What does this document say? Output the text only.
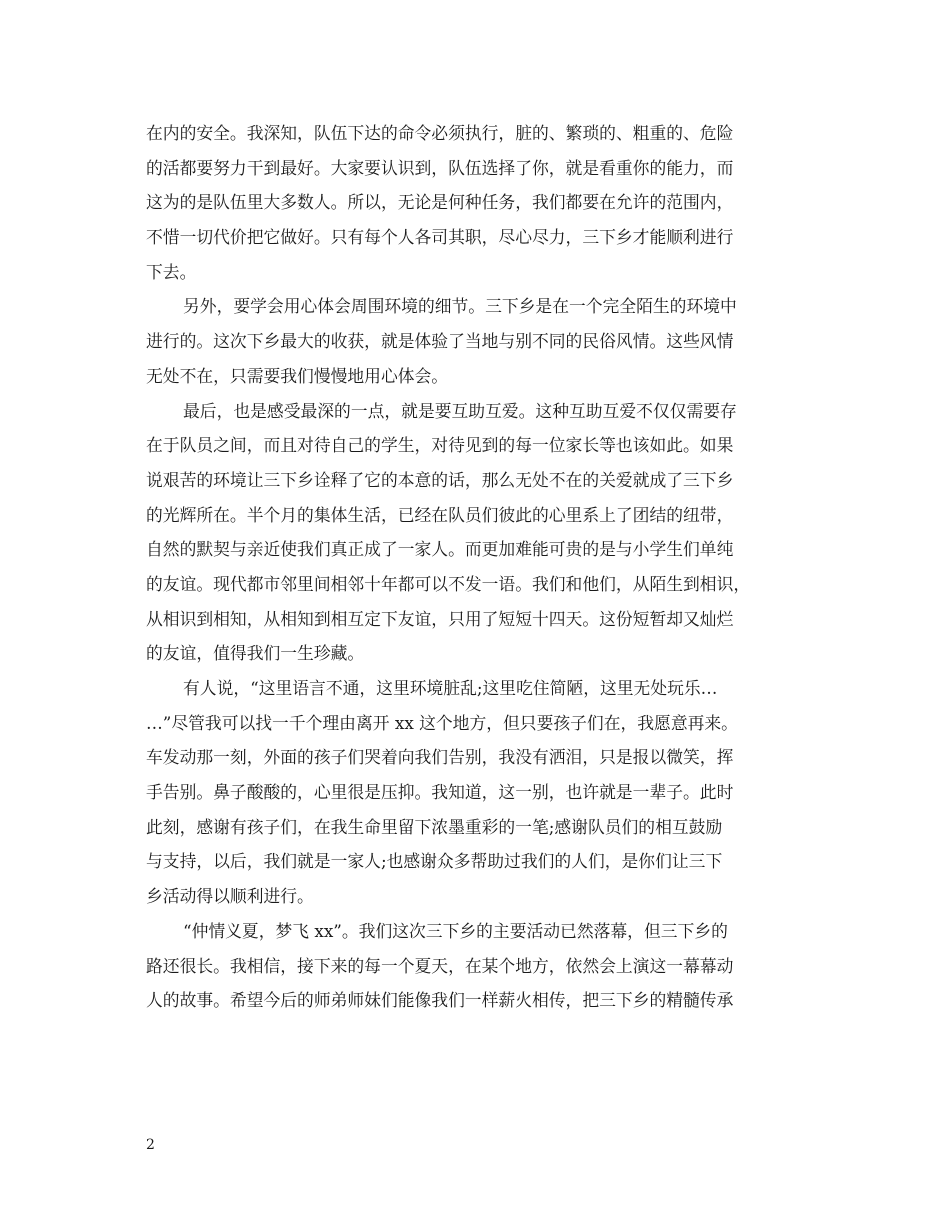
在内的安全。我深知，队伍下达的命令必须执行，脏的、繁琐的、粗重的、危险
的活都要努力干到最好。大家要认识到，队伍选择了你，就是看重你的能力，而
这为的是队伍里大多数人。所以，无论是何种任务，我们都要在允许的范围内，
不惜一切代价把它做好。只有每个人各司其职，尽心尽力，三下乡才能顺利进行
下去。
另外，要学会用心体会周围环境的细节。三下乡是在一个完全陌生的环境中
进行的。这次下乡最大的收获，就是体验了当地与别不同的民俗风情。这些风情
无处不在，只需要我们慢慢地用心体会。
最后，也是感受最深的一点，就是要互助互爱。这种互助互爱不仅仅需要存
在于队员之间，而且对待自己的学生，对待见到的每一位家长等也该如此。如果
说艰苦的环境让三下乡诠释了它的本意的话，那么无处不在的关爱就成了三下乡
的光辉所在。半个月的集体生活，已经在队员们彼此的心里系上了团结的纽带，
自然的默契与亲近使我们真正成了一家人。而更加难能可贵的是与小学生们单纯
的友谊。现代都市邻里间相邻十年都可以不发一语。我们和他们，从陌生到相识，
从相识到相知，从相知到相互定下友谊，只用了短短十四天。这份短暂却又灿烂
的友谊，值得我们一生珍藏。
有人说，“这里语言不通，这里环境脏乱;这里吃住简陋，这里无处玩乐…
…”尽管我可以找一千个理由离开 xx 这个地方，但只要孩子们在，我愿意再来。
车发动那一刻，外面的孩子们哭着向我们告别，我没有洒泪，只是报以微笑，挥
手告别。鼻子酸酸的，心里很是压抑。我知道，这一别，也许就是一辈子。此时
此刻，感谢有孩子们，在我生命里留下浓墨重彩的一笔;感谢队员们的相互鼓励
与支持，以后，我们就是一家人;也感谢众多帮助过我们的人们，是你们让三下
乡活动得以顺利进行。
“仲情义夏，梦飞 xx”。我们这次三下乡的主要活动已然落幕，但三下乡的
路还很长。我相信，接下来的每一个夏天，在某个地方，依然会上演这一幕幕动
人的故事。希望今后的师弟师妹们能像我们一样薪火相传，把三下乡的精髓传承
2
